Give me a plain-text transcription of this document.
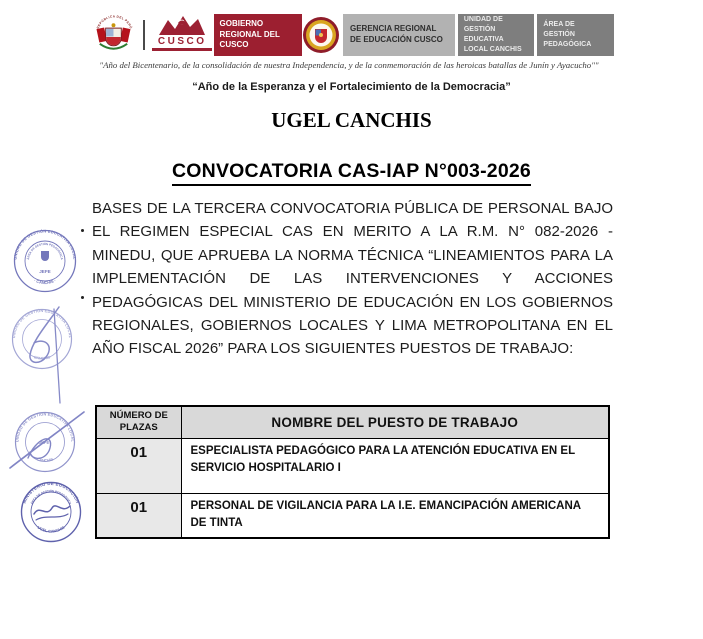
REPÚBLICA DEL PERÚ
CUSCO
GOBIERNO REGIONAL DEL CUSCO
GERENCIA REGIONAL DE EDUCACIÓN CUSCO
UNIDAD DE GESTIÓN EDUCATIVA LOCAL CANCHIS
ÁREA DE GESTIÓN PEDAGÓGICA
"Año del Bicentenario, de la consolidación de nuestra Independencia, y de la conmemoración de las heroicas batallas de Junín y Ayacucho""
“Año de la Esperanza y el Fortalecimiento de la Democracia”
UGEL CANCHIS
CONVOCATORIA CAS-IAP N°003-2026
BASES DE LA TERCERA CONVOCATORIA PÚBLICA DE PERSONAL BAJO EL REGIMEN ESPECIAL CAS EN MERITO A LA R.M. N° 082-2026 - MINEDU, QUE APRUEBA LA NORMA TÉCNICA “LINEAMIENTOS PARA LA IMPLEMENTACIÓN DE LAS INTERVENCIONES Y ACCIONES PEDAGÓGICAS DEL MINISTERIO DE EDUCACIÓN EN LOS GOBIERNOS REGIONALES, GOBIERNOS LOCALES Y LIMA METROPOLITANA EN EL AÑO FISCAL 2026” PARA LOS SIGUIENTES PUESTOS DE TRABAJO:
NÚMERO DE PLAZAS	NOMBRE DEL PUESTO DE TRABAJO
01	ESPECIALISTA PEDAGÓGICO PARA LA ATENCIÓN EDUCATIVA EN EL SERVICIO HOSPITALARIO I
01	PERSONAL DE VIGILANCIA PARA LA I.E. EMANCIPACIÓN AMERICANA DE TINTA
UNIDAD DE GESTIÓN EDUCATIVA LOCAL
ÁREA DE GESTIÓN PEDAGÓGICA
· CANCHIS ·
JEFE
UNIDAD DE GESTIÓN EDUCATIVA LOCAL
CANCHIS
UNIDAD DE GESTIÓN EDUCATIVA LOCAL
CANCHIS
JEFE
MINISTERIO DE EDUCACIÓN
ÁREA DE GESTIÓN PEDAGÓGICA
UGEL CANCHIS
